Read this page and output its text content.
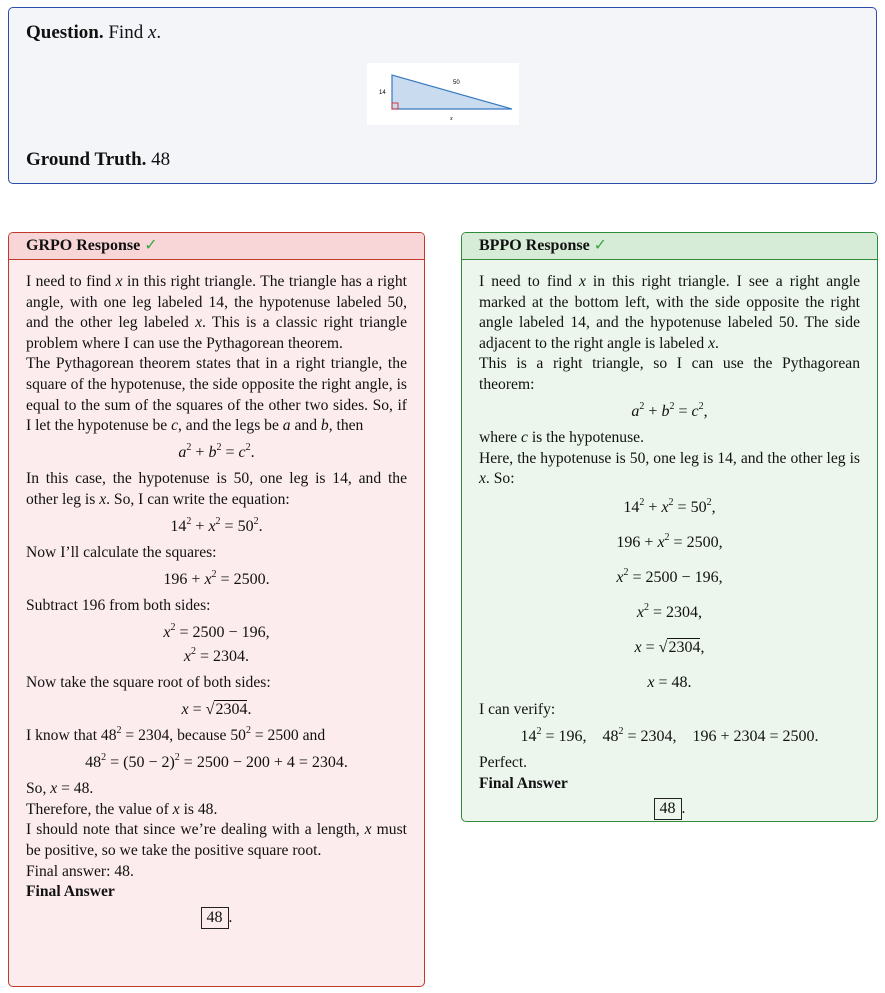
Question. Find x.
14
50
x
Ground Truth. 48
GRPO Response ✓
I need to find x in this right triangle. The triangle has a right angle, with one leg labeled 14, the hypotenuse labeled 50, and the other leg labeled x. This is a classic right triangle problem where I can use the Pythagorean theorem.
The Pythagorean theorem states that in a right triangle, the square of the hypotenuse, the side opposite the right angle, is equal to the sum of the squares of the other two sides. So, if I let the hypotenuse be c, and the legs be a and b, then
$a^2 + b^2 = c^2$.
In this case, the hypotenuse is 50, one leg is 14, and the other leg is x. So, I can write the equation:
$14^2 + x^2 = 50^2$.
Now I’ll calculate the squares:
$196 + x^2 = 2500$.
Subtract 196 from both sides:
$x^2 = 2500 - 196$,
$x^2 = 2304$.
Now take the square root of both sides:
x = √2304.
I know that $48^2 = 2304$, because $50^2 = 2500$ and
$48^2 = (50 - 2)^2 = 2500 - 200 + 4 = 2304$.
So, x = 48.
Therefore, the value of x is 48.
I should note that since we’re dealing with a length, x must be positive, so we take the positive square root.
Final answer: 48.
Final Answer
48 .
BPPO Response ✓
I need to find x in this right triangle. I see a right angle marked at the bottom left, with the side opposite the right angle labeled 14, and the hypotenuse labeled 50. The side adjacent to the right angle is labeled x.
This is a right triangle, so I can use the Pythagorean theorem:
$a^2 + b^2 = c^2$,
where c is the hypotenuse.
Here, the hypotenuse is 50, one leg is 14, and the other leg is x. So:
$14^2 + x^2 = 50^2$,
$196 + x^2 = 2500$,
$x^2 = 2500 - 196$,
$x^2 = 2304$,
x = √2304,
x = 48.
I can verify:
$14^2 = 196$,    $48^2 = 2304$,    196 + 2304 = 2500.
Perfect.
Final Answer
48 .
